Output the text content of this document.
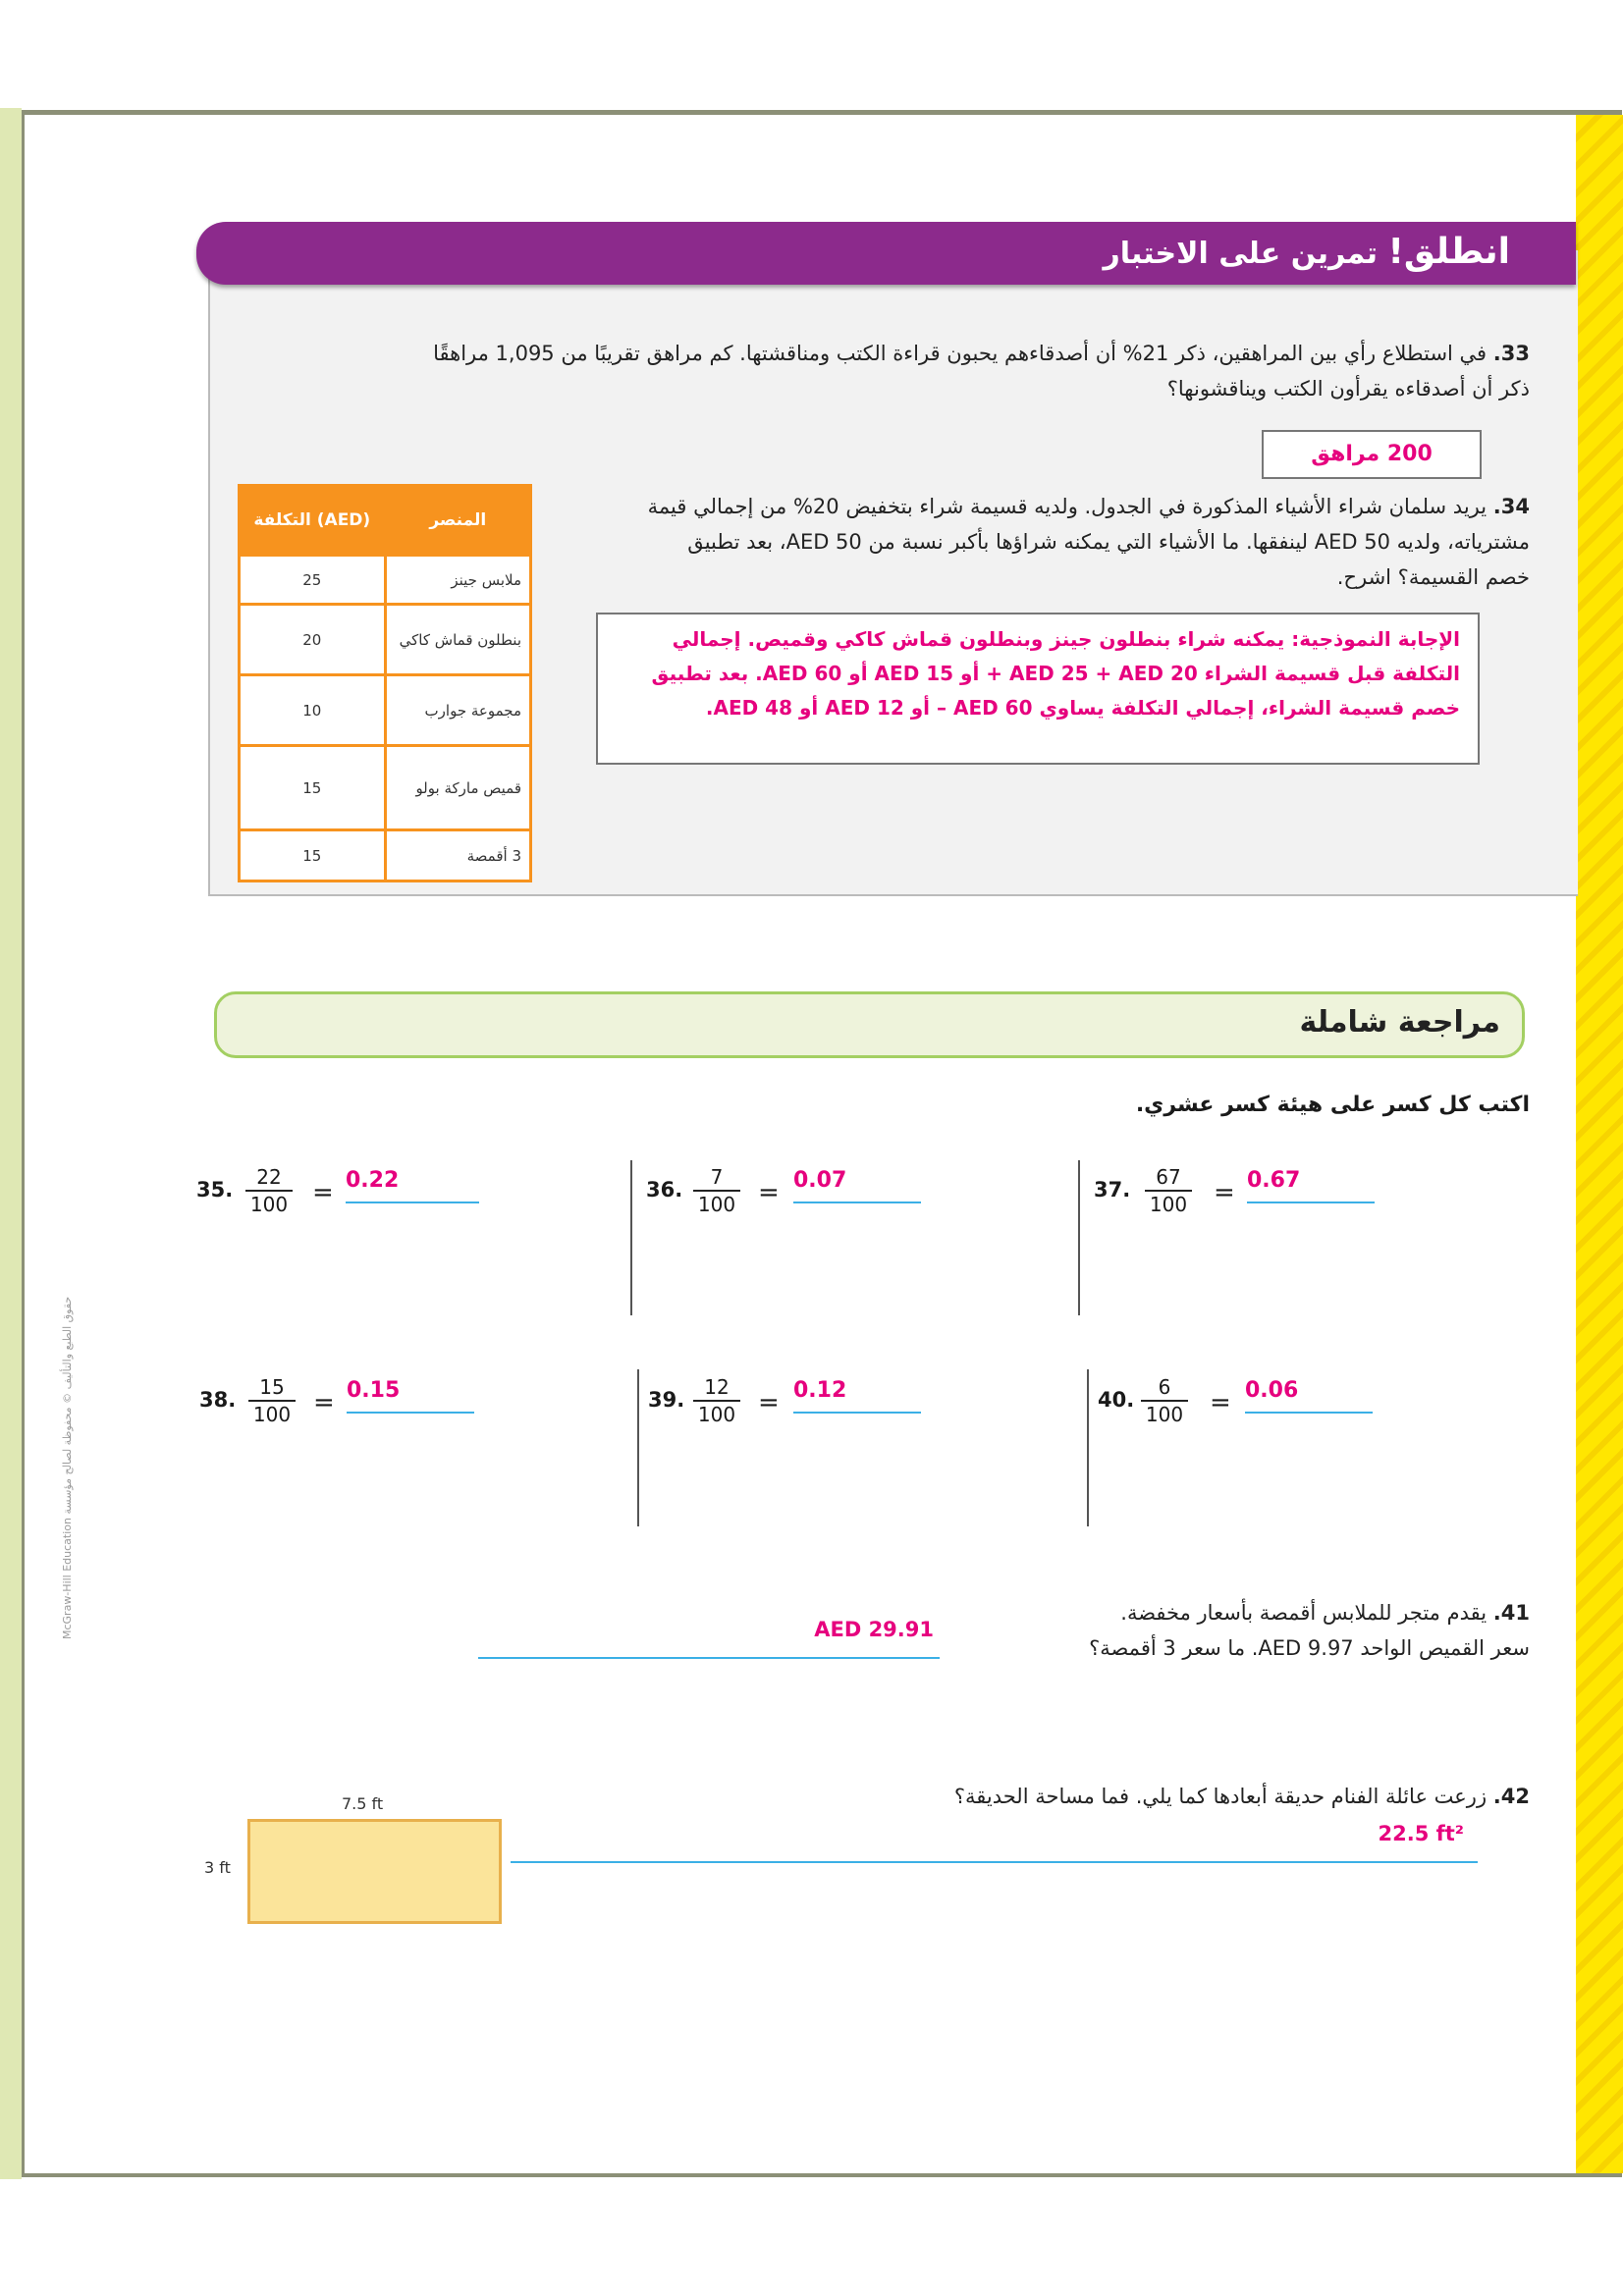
انطلق! تمرين على الاختبار
33. في استطلاع رأي بين المراهقين، ذكر 21% أن أصدقاءهم يحبون قراءة الكتب ومناقشتها. كم مراهق تقريبًا من 1,095 مراهقًا ذكر أن أصدقاءه يقرأون الكتب ويناقشونها؟
200 مراهق
34. يريد سلمان شراء الأشياء المذكورة في الجدول. ولديه قسيمة شراء بتخفيض 20% من إجمالي قيمة مشترياته، ولديه AED 50 لينفقها. ما الأشياء التي يمكنه شراؤها بأكبر نسبة من AED 50، بعد تطبيق خصم القسيمة؟ اشرح.
الإجابة النموذجية: يمكنه شراء بنطلون جينز وبنطلون قماش كاكي وقميص. إجمالي التكلفة قبل قسيمة الشراء AED 25 + AED 20 + أو AED 15 أو AED 60. بعد تطبيق خصم قسيمة الشراء، إجمالي التكلفة يساوي AED 60 – أو AED 12 أو AED 48.
التكلفة (AED)	المنصر
25	ملابس جينز
20	بنطلون قماش كاكي
10	مجموعة جوارب
15	قميص ماركة بولو
15	3 أقمصة
مراجعة شاملة
اكتب كل كسر على هيئة كسر عشري.
35. $\frac{22}{100} = 0.22$	36. $\frac{7}{100} = 0.07$	37. $\frac{67}{100} = 0.67$
38. $\frac{15}{100} = 0.15$	39. $\frac{12}{100} = 0.12$	40. $\frac{6}{100} = 0.06$
41. يقدم متجر للملابس أقمصة بأسعار مخفضة.
سعر القميص الواحد AED 9.97. ما سعر 3 أقمصة؟
AED 29.91
42. زرعت عائلة الفنام حديقة أبعادها كما يلي. فما مساحة الحديقة؟
22.5 ft²
7.5 ft
3 ft
حقوق الطبع والتأليف © محفوظة لصالح مؤسسة McGraw-Hill Education
